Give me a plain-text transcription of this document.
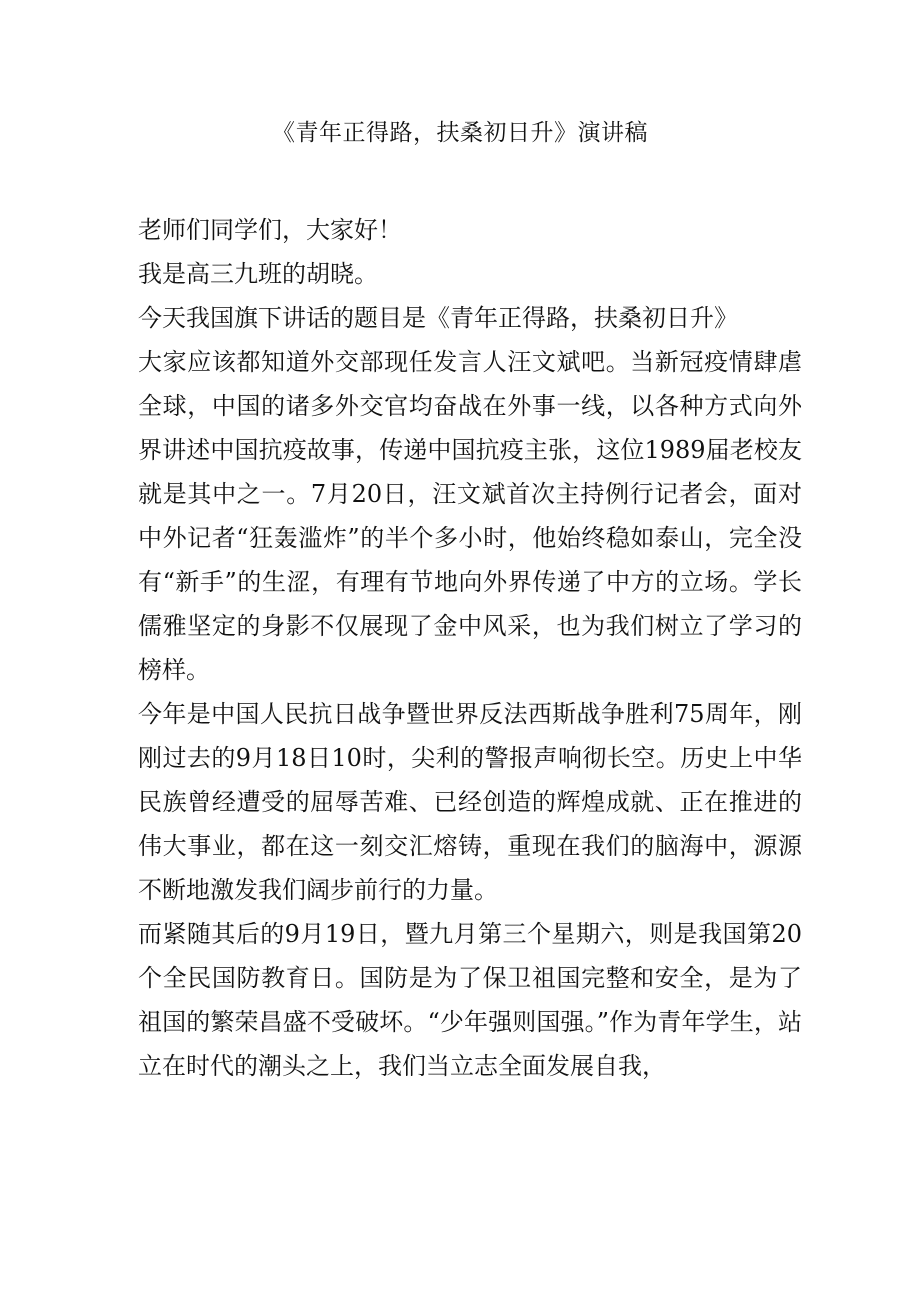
《青年正得路，扶桑初日升》演讲稿

老师们同学们，大家好！

我是高三九班的胡晓。

今天我国旗下讲话的题目是《青年正得路，扶桑初日升》

大家应该都知道外交部现任发言人汪文斌吧。当新冠疫情肆虐全球，中国的诸多外交官均奋战在外事一线，以各种方式向外界讲述中国抗疫故事，传递中国抗疫主张，这位1989届老校友就是其中之一。7月20日，汪文斌首次主持例行记者会，面对中外记者“狂轰滥炸”的半个多小时，他始终稳如泰山，完全没有“新手”的生涩，有理有节地向外界传递了中方的立场。学长儒雅坚定的身影不仅展现了金中风采，也为我们树立了学习的榜样。

今年是中国人民抗日战争暨世界反法西斯战争胜利75周年，刚刚过去的9月18日10时，尖利的警报声响彻长空。历史上中华民族曾经遭受的屈辱苦难、已经创造的辉煌成就、正在推进的伟大事业，都在这一刻交汇熔铸，重现在我们的脑海中，源源不断地激发我们阔步前行的力量。

而紧随其后的9月19日，暨九月第三个星期六，则是我国第20个全民国防教育日。国防是为了保卫祖国完整和安全，是为了祖国的繁荣昌盛不受破坏。“少年强则国强。”作为青年学生，站立在时代的潮头之上，我们当立志全面发展自我，
